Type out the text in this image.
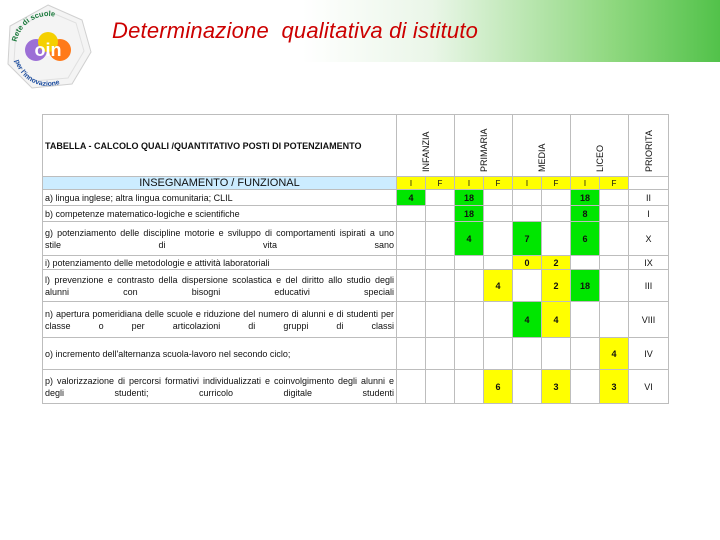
Rete di scuole
per l'innovazione
oin
Determinazione  qualitativa di istituto
TABELLA - CALCOLO QUALI /QUANTITATIVO POSTI DI POTENZIAMENTO	INFANZIA		PRIMARIA		MEDIA		LICEO		PRIORITA

INSEGNAMENTO / FUNZIONAL	I	F	I	F	I	F	I	F	
a) lingua inglese; altra lingua comunitaria; CLIL	4		18				18		II
b) competenze matematico-logiche e scientifiche			18				8		I
g) potenziamento delle discipline motorie e sviluppo di comportamenti ispirati a uno stile di vita sano			4		7		6		X
i) potenziamento delle metodologie e attività laboratoriali					0	2			IX
l) prevenzione e contrasto della dispersione scolastica e del diritto allo studio degli alunni con bisogni educativi speciali				4		2	18		III
n) apertura pomeridiana delle scuole e riduzione del numero di alunni e di studenti per classe o per articolazioni di gruppi di classi					4	4			VIII
o) incremento dell'alternanza scuola-lavoro nel secondo ciclo;								4	IV
p) valorizzazione di percorsi formativi individualizzati e coinvolgimento degli alunni e degli studenti; curricolo digitale studenti				6		3		3	VI
